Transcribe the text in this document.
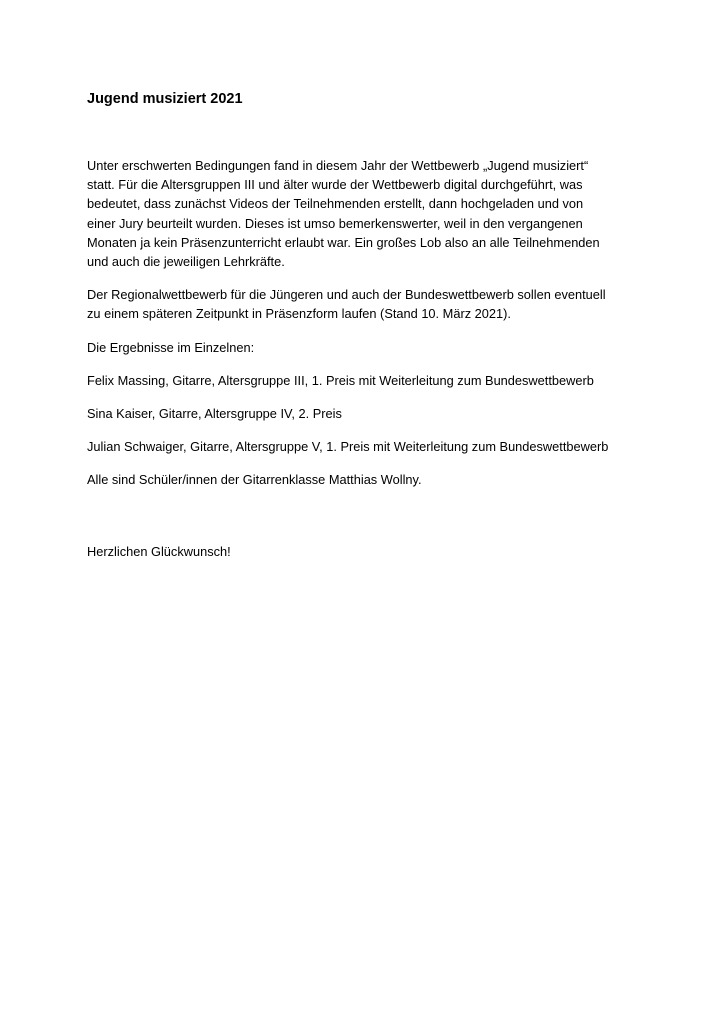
Jugend musiziert 2021

Unter erschwerten Bedingungen fand in diesem Jahr der Wettbewerb „Jugend musiziert“
statt. Für die Altersgruppen III und älter wurde der Wettbewerb digital durchgeführt, was
bedeutet, dass zunächst Videos der Teilnehmenden erstellt, dann hochgeladen und von
einer Jury beurteilt wurden. Dieses ist umso bemerkenswerter, weil in den vergangenen
Monaten ja kein Präsenzunterricht erlaubt war. Ein großes Lob also an alle Teilnehmenden
und auch die jeweiligen Lehrkräfte.

Der Regionalwettbewerb für die Jüngeren und auch der Bundeswettbewerb sollen eventuell
zu einem späteren Zeitpunkt in Präsenzform laufen (Stand 10. März 2021).

Die Ergebnisse im Einzelnen:

Felix Massing, Gitarre, Altersgruppe III, 1. Preis mit Weiterleitung zum Bundeswettbewerb

Sina Kaiser, Gitarre, Altersgruppe IV, 2. Preis

Julian Schwaiger, Gitarre, Altersgruppe V, 1. Preis mit Weiterleitung zum Bundeswettbewerb

Alle sind Schüler/innen der Gitarrenklasse Matthias Wollny.

Herzlichen Glückwunsch!
